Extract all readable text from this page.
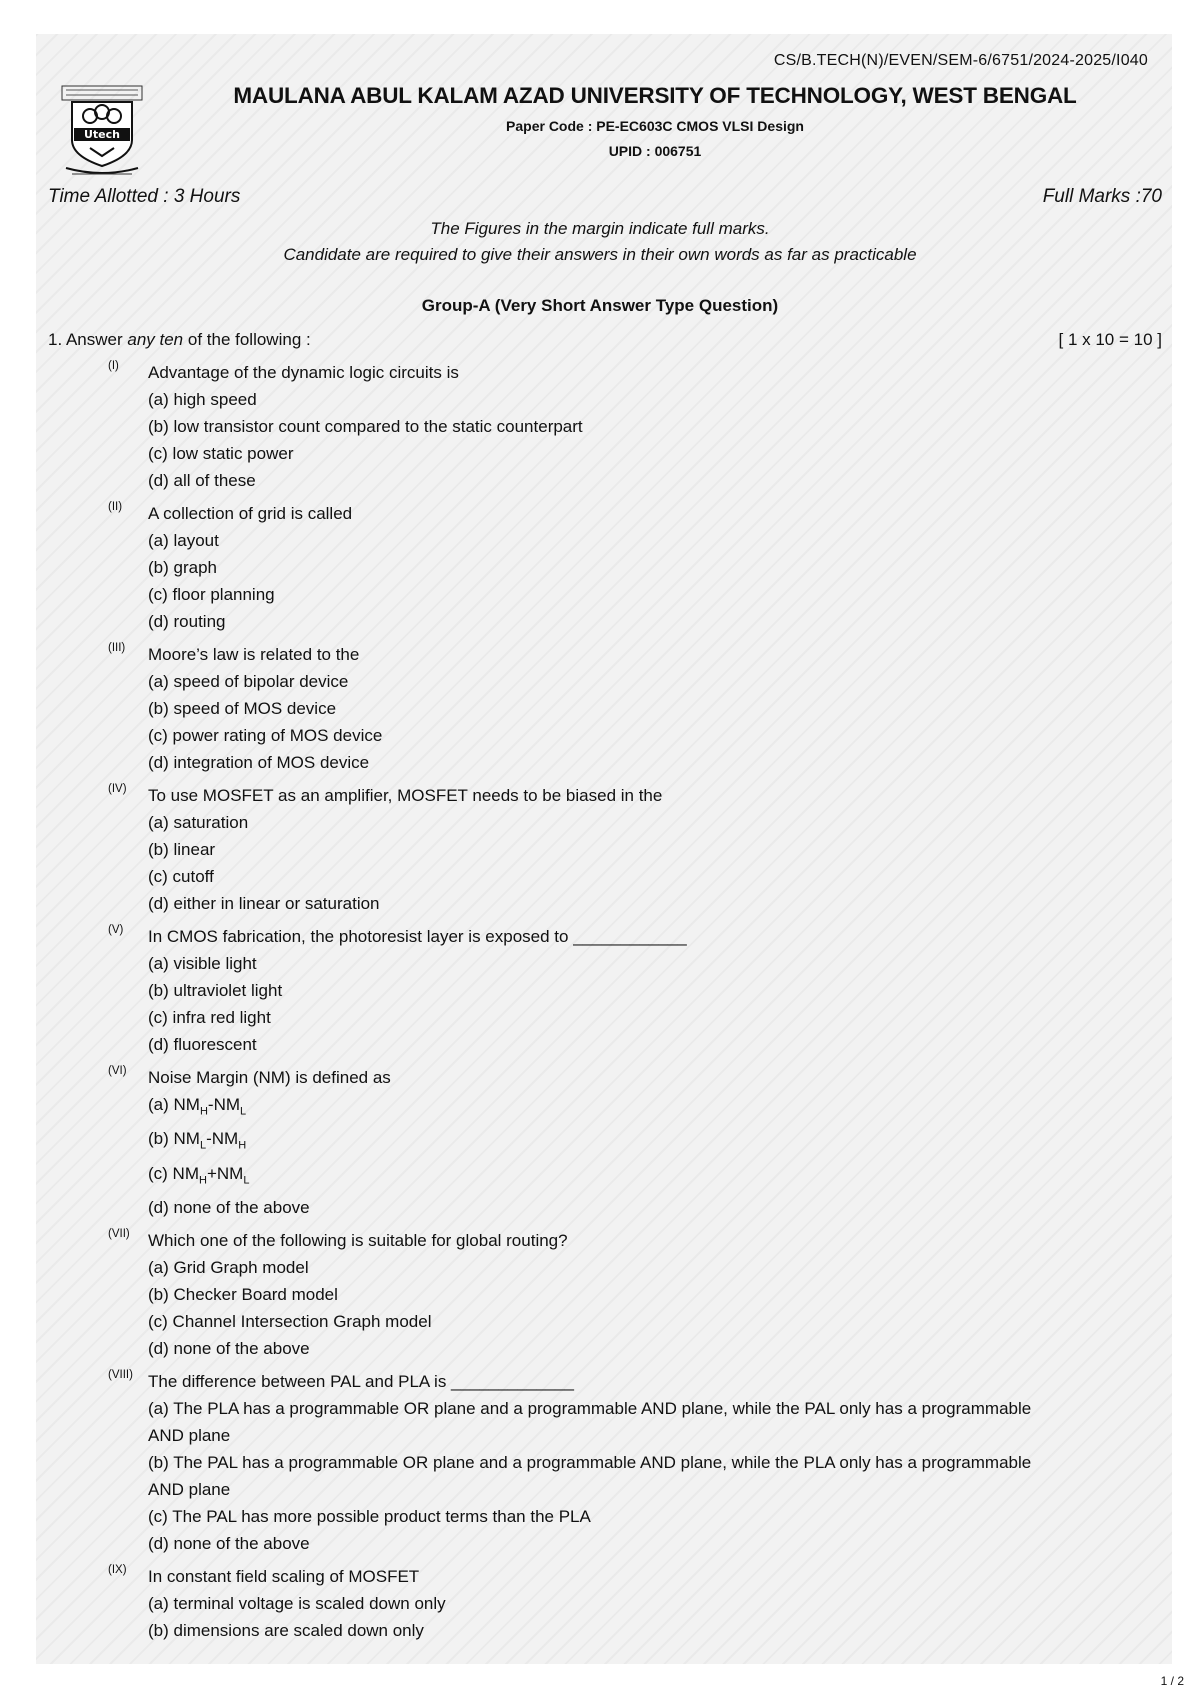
CS/B.TECH(N)/EVEN/SEM-6/6751/2024-2025/I040
Utech
MAULANA ABUL KALAM AZAD UNIVERSITY OF TECHNOLOGY, WEST BENGAL
Paper Code : PE-EC603C CMOS VLSI Design
UPID : 006751
Time Allotted : 3 Hours	Full Marks :70
The Figures in the margin indicate full marks.
Candidate are required to give their answers in their own words as far as practicable
Group-A (Very Short Answer Type Question)
1. Answer any ten of the following :	[ 1 x 10 = 10 ]
(I) Advantage of the dynamic logic circuits is
(a) high speed
(b) low transistor count compared to the static counterpart
(c) low static power
(d) all of these
(II) A collection of grid is called
(a) layout
(b) graph
(c) floor planning
(d) routing
(III) Moore’s law is related to the
(a) speed of bipolar device
(b) speed of MOS device
(c) power rating of MOS device
(d) integration of MOS device
(IV) To use MOSFET as an amplifier, MOSFET needs to be biased in the
(a) saturation
(b) linear
(c) cutoff
(d) either in linear or saturation
(V) In CMOS fabrication, the photoresist layer is exposed to ____________
(a) visible light
(b) ultraviolet light
(c) infra red light
(d) fluorescent
(VI) Noise Margin (NM) is defined as
(a) $NM_H-NM_L$
(b) $NM_L-NM_H$
(c) $NM_H+NM_L$
(d) none of the above
(VII) Which one of the following is suitable for global routing?
(a) Grid Graph model
(b) Checker Board model
(c) Channel Intersection Graph model
(d) none of the above
(VIII) The difference between PAL and PLA is _____________
(a) The PLA has a programmable OR plane and a programmable AND plane, while the PAL only has a programmable AND plane
(b) The PAL has a programmable OR plane and a programmable AND plane, while the PLA only has a programmable AND plane
(c) The PAL has more possible product terms than the PLA
(d) none of the above
(IX) In constant field scaling of MOSFET
(a) terminal voltage is scaled down only
(b) dimensions are scaled down only
1 / 2
